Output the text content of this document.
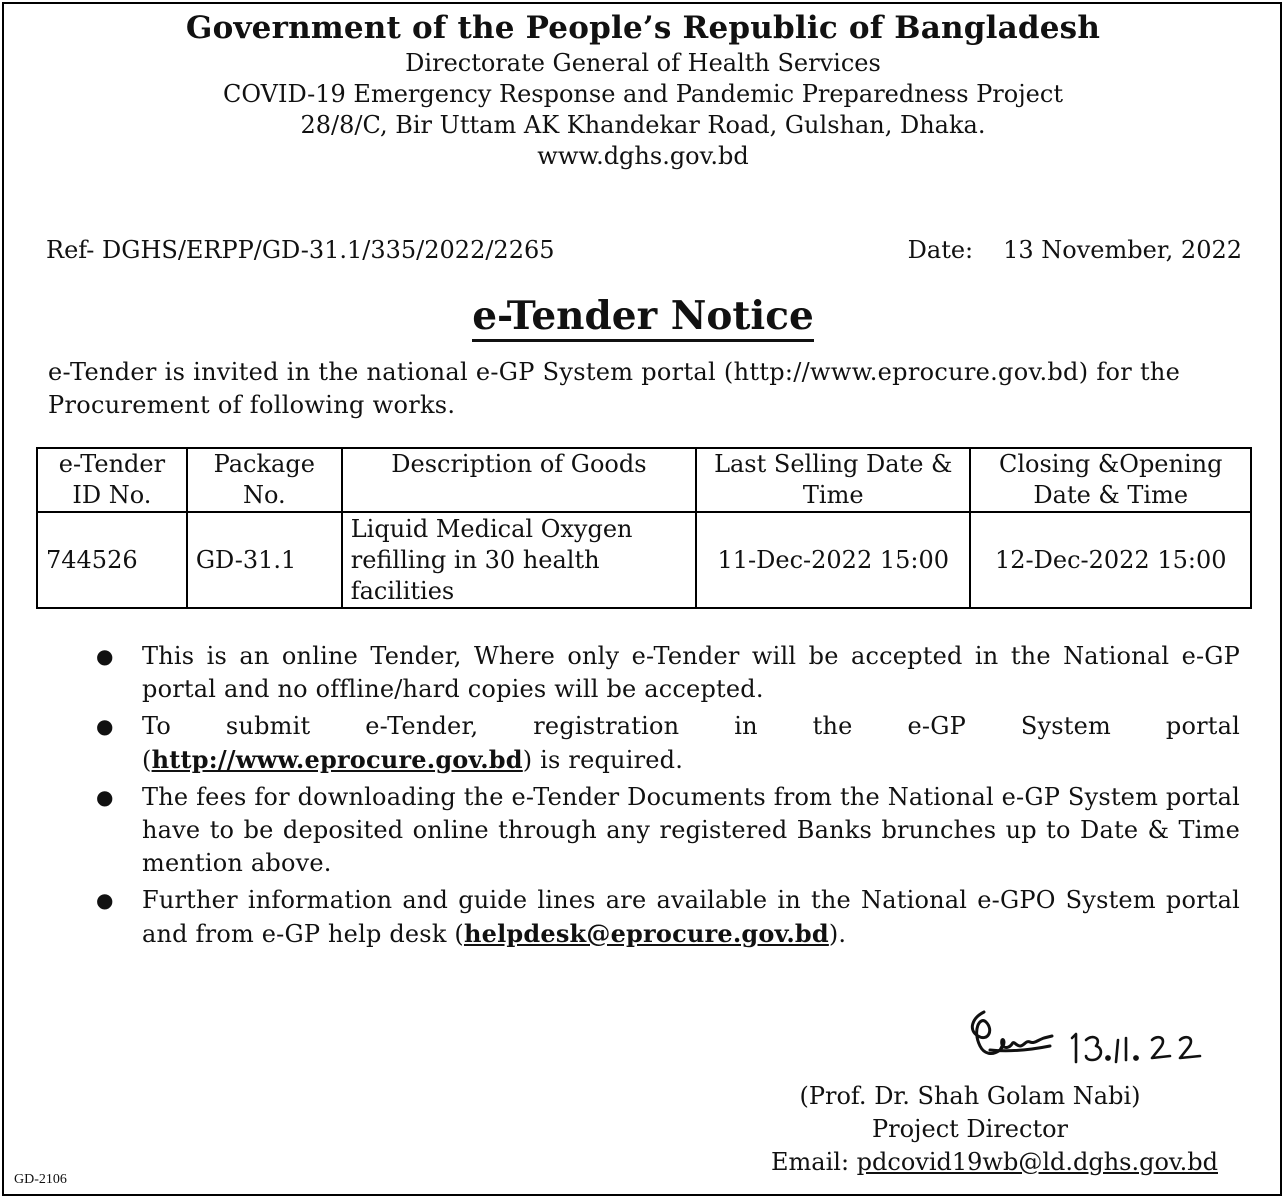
Government of the People’s Republic of Bangladesh
Directorate General of Health Services
COVID-19 Emergency Response and Pandemic Preparedness Project
28/8/C, Bir Uttam AK Khandekar Road, Gulshan, Dhaka.
www.dghs.gov.bd
Ref- DGHS/ERPP/GD-31.1/335/2022/2265	Date: 13 November, 2022
e-Tender Notice
e-Tender is invited in the national e-GP System portal (http://www.eprocure.gov.bd) for the Procurement of following works.
e-Tender ID No.	Package No.	Description of Goods	Last Selling Date & Time	Closing &Opening Date & Time
744526	GD-31.1	Liquid Medical Oxygen refilling in 30 health facilities	11-Dec-2022 15:00	12-Dec-2022 15:00
● This is an online Tender, Where only e-Tender will be accepted in the National e-GP portal and no offline/hard copies will be accepted.
● To submit e-Tender, registration in the e-GP System portal (http://www.eprocure.gov.bd) is required.
● The fees for downloading the e-Tender Documents from the National e-GP System portal have to be deposited online through any registered Banks brunches up to Date & Time mention above.
● Further information and guide lines are available in the National e-GPO System portal and from e-GP help desk (helpdesk@eprocure.gov.bd).
(Prof. Dr. Shah Golam Nabi)
Project Director
Email: pdcovid19wb@ld.dghs.gov.bd
GD-2106
